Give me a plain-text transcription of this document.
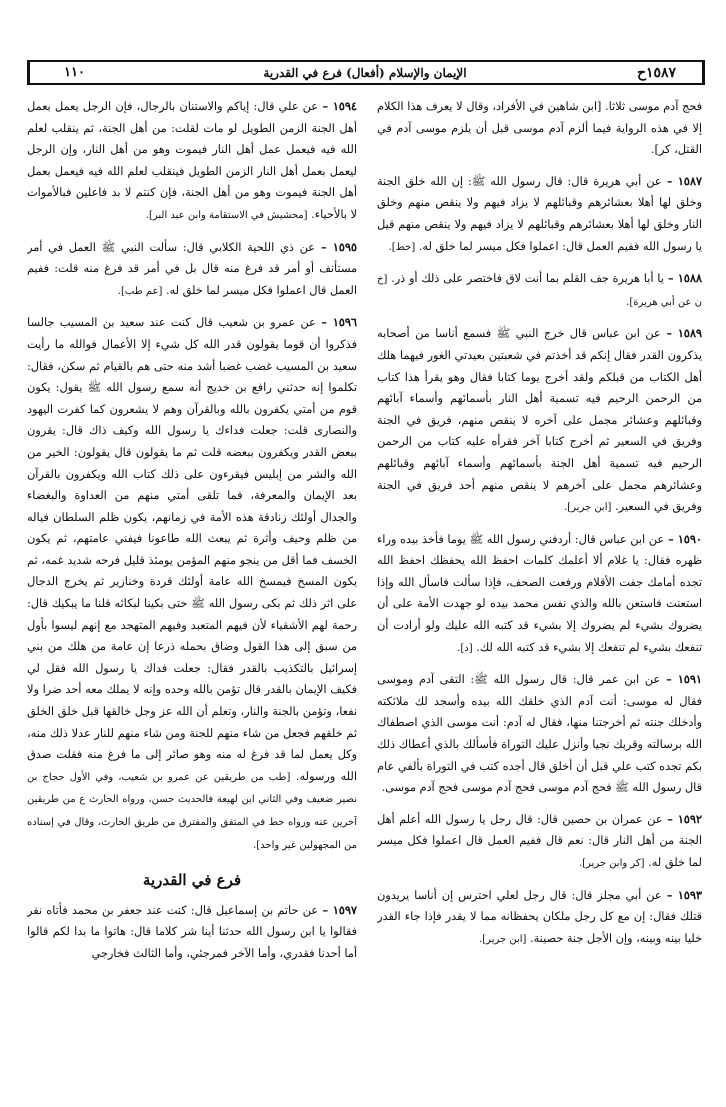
١٥٨٧ح
الإيمان والإسلام (أفعال) فرع في القدرية
١١٠

فحج آدم موسى ثلاثا. [ابن شاهين في الأفراد، وقال لا يعرف هذا الكلام إلا في هذه الرواية فيما ألزم آدم موسى قبل أن يلزم موسى آدم في القتل، كر].

١٥٨٧ – عن أبي هريرة قال: قال رسول الله ﷺ: إن الله خلق الجنة وخلق لها أهلا بعشائرهم وقبائلهم لا يزاد فيهم ولا ينقص منهم وخلق النار وخلق لها أهلا بعشائرهم وقبائلهم لا يزاد فيهم ولا ينقص منهم قيل يا رسول الله ففيم العمل قال: اعملوا فكل ميسر لما خلق له. [خط].

١٥٨٨ – يا أبا هريرة جف القلم بما أنت لاق فاختصر على ذلك أو ذر. [خ ن عن أبي هريرة].

١٥٨٩ – عن ابن عباس قال خرج النبي ﷺ فسمع أناسا من أصحابه يذكرون القدر فقال إنكم قد أخذتم في شعبتين بعيدتي الغور فيهما هلك أهل الكتاب من قبلكم ولقد أخرج يوما كتابا فقال وهو يقرأ هذا كتاب من الرحمن الرحيم فيه تسمية أهل النار بأسمائهم وأسماء آبائهم وقبائلهم وعشائر مجمل على آخره لا ينقص منهم، فريق في الجنة وفريق في السعير ثم أخرج كتابا آخر فقرأه عليه كتاب من الرحمن الرحيم فيه تسمية أهل الجنة بأسمائهم وأسماء آبائهم وقبائلهم وعشائرهم مجمل على آخرهم لا ينقص منهم أحد فريق في الجنة وفريق في السعير. [ابن جرير].

١٥٩٠ – عن ابن عباس قال: أردفني رسول الله ﷺ يوما فأخذ بيده وراء ظهره فقال: يا غلام ألا أعلمك كلمات احفظ الله يحفظك احفظ الله تجده أمامك جفت الأقلام ورفعت الصحف، فإذا سألت فاسأل الله وإذا استعنت فاستعن بالله والذي نفس محمد بيده لو جهدت الأمة على أن يضروك بشيء لم يضروك إلا بشيء قد كتبه الله عليك ولو أرادت أن تنفعك بشيء لم تنفعك إلا بشيء قد كتبه الله لك. [د].

١٥٩١ – عن ابن عمر قال: قال رسول الله ﷺ: التقى آدم وموسى فقال له موسى: أنت آدم الذي خلقك الله بيده وأسجد لك ملائكته وأدخلك جنته ثم أخرجتنا منها، فقال له آدم: أنت موسى الذي اصطفاك الله برسالته وقربك نجيا وأنزل عليك التوراة فأسألك بالذي أعطاك ذلك بكم تجده كتب علي قبل أن أخلق قال أجده كتب في التوراة بألفي عام قال رسول الله ﷺ فحج آدم موسى فحج آدم موسى فحج آدم موسى.

١٥٩٢ – عن عمران بن حصين قال: قال رجل يا رسول الله أعلم أهل الجنة من أهل النار قال: نعم قال ففيم العمل قال اعملوا فكل ميسر لما خلق له. [كر وابن جرير].

١٥٩٣ – عن أبي مجلز قال: قال رجل لعلي احترس إن أناسا يريدون قتلك فقال: إن مع كل رجل ملكان يحفظانه مما لا يقدر فإذا جاء القدر خليا بينه وبينه، وإن الأجل جنة حصينة. [ابن جرير].

١٥٩٤ – عن علي قال: إياكم والاستنان بالرجال، فإن الرجل يعمل بعمل أهل الجنة الزمن الطويل لو مات لقلت: من أهل الجنة، ثم ينقلب لعلم الله فيه فيعمل عمل أهل النار فيموت وهو من أهل النار، وإن الرجل ليعمل بعمل أهل النار الزمن الطويل فينقلب لعلم الله فيه فيعمل بعمل أهل الجنة فيموت وهو من أهل الجنة، فإن كنتم لا بد فاعلين فبالأموات لا بالأحياء. [محشيش في الاستقامة وابن عبد البر].

١٥٩٥ – عن ذي اللحية الكلابي قال: سألت النبي ﷺ العمل في أمر مستأنف أو أمر قد فرغ منه قال بل في أمر قد فرغ منه قلت: ففيم العمل قال اعملوا فكل ميسر لما خلق له. [عم طب].

١٥٩٦ – عن عمرو بن شعيب قال كنت عند سعيد بن المسيب جالسا فذكروا أن قوما يقولون قدر الله كل شيء إلا الأعمال فوالله ما رأيت سعيد بن المسيب غضب غضبا أشد منه حتى هم بالقيام ثم سكن، فقال: تكلموا إنه حدثني رافع بن خديج أنه سمع رسول الله ﷺ يقول: يكون قوم من أمتي يكفرون بالله وبالقرآن وهم لا يشعرون كما كفرت اليهود والنصارى قلت: جعلت فداءك يا رسول الله وكيف ذاك قال: يقرون ببعض القدر ويكفرون ببعضه قلت ثم ما يقولون قال يقولون: الخير من الله والشر من إبليس فيقرءون على ذلك كتاب الله ويكفرون بالقرآن بعد الإيمان والمعرفة، فما تلقى أمتي منهم من العداوة والبغضاء والجدال أولئك زنادقة هذه الأمة في زمانهم، يكون ظلم السلطان فياله من ظلم وحيف وأثرة ثم يبعث الله طاعونا فيفني عامتهم، ثم يكون الخسف فما أقل من ينجو منهم المؤمن يومئذ قليل فرحه شديد غمه، ثم يكون المسخ فيمسخ الله عامة أولئك قردة وخنازير ثم يخرج الدجال على اثر ذلك ثم بكى رسول الله ﷺ حتى بكينا لبكائه قلنا ما يبكيك قال: رحمة لهم الأشقياء لأن فيهم المتعبد وفيهم المتهجد مع إنهم ليسوا بأول من سبق إلى هذا القول وضاق بحمله ذرعا إن عامة من هلك من بني إسرائيل بالتكذيب بالقدر فقال: جعلت فداك يا رسول الله فقل لي فكيف الإيمان بالقدر قال تؤمن بالله وحده وإنه لا يملك معه أحد ضرا ولا نفعا، وتؤمن بالجنة والنار، وتعلم أن الله عز وجل خالقها قبل خلق الخلق ثم خلقهم فجعل من شاء منهم للجنة ومن شاء منهم للنار عدلا ذلك منه، وكل يعمل لما قد فرغ له منه وهو صائر إلى ما فرغ منه فقلت صدق الله ورسوله. [طب من طريقين عن عمرو بن شعيب، وفي الأول حجاج بن نصير ضعيف وفي الثاني ابن لهيعة فالحديث حسن، ورواه الحارث ع من طريقين آخرين عنه ورواه خط في المتفق والمفترق من طريق الحارث، وقال في إسناده من المجهولين غير واحد].

فرع في القدرية

١٥٩٧ – عن حاتم بن إسماعيل قال: كنت عند جعفر بن محمد فأتاه نفر فقالوا يا ابن رسول الله حدثنا أينا شر كلاما قال: هاتوا ما بدا لكم قالوا أما أحدنا فقدري، وأما الآخر فمرجئي، وأما الثالث فخارجي
